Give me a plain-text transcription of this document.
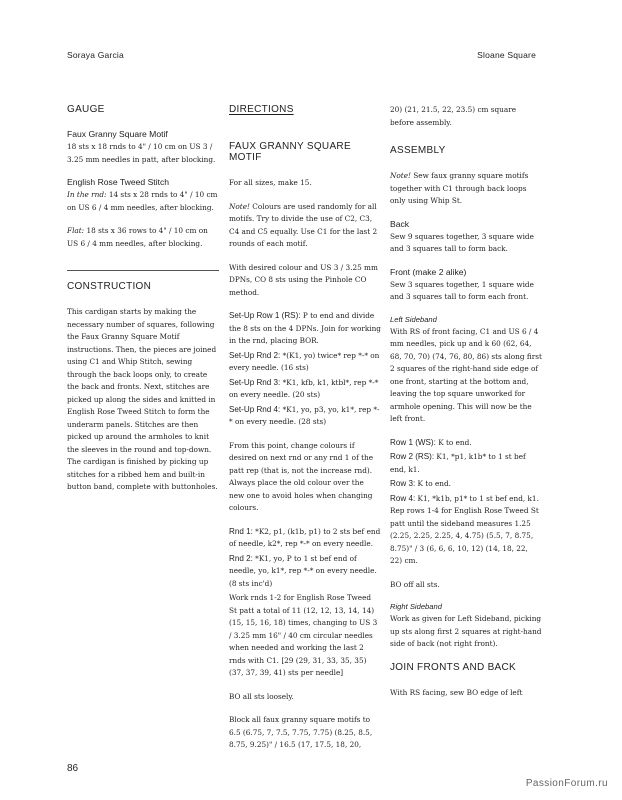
Soraya Garcia	Sloane Square
GAUGE
Faux Granny Square Motif

18 sts x 18 rnds to 4" / 10 cm on US 3 / 3.25 mm needles in patt, after blocking.

English Rose Tweed Stitch

In the rnd: 14 sts x 28 rnds to 4" / 10 cm on US 6 / 4 mm needles, after blocking.

Flat: 18 sts x 36 rows to 4" / 10 cm on US 6 / 4 mm needles, after blocking.

CONSTRUCTION

This cardigan starts by making the necessary number of squares, following the Faux Granny Square Motif instructions. Then, the pieces are joined using C1 and Whip Stitch, sewing through the back loops only, to create the back and fronts. Next, stitches are picked up along the sides and knitted in English Rose Tweed Stitch to form the underarm panels. Stitches are then picked up around the armholes to knit the sleeves in the round and top-down. The cardigan is finished by picking up stitches for a ribbed hem and built-in button band, complete with buttonholes.

DIRECTIONS
FAUX GRANNY SQUARE MOTIF

For all sizes, make 15.

Note! Colours are used randomly for all motifs. Try to divide the use of C2, C3, C4 and C5 equally. Use C1 for the last 2 rounds of each motif.

With desired colour and US 3 / 3.25 mm DPNs, CO 8 sts using the Pinhole CO method.

Set-Up Row 1 (RS): P to end and divide the 8 sts on the 4 DPNs. Join for working in the rnd, placing BOR.

Set-Up Rnd 2: *(K1, yo) twice* rep *-* on every needle. (16 sts)

Set-Up Rnd 3: *K1, kfb, k1, ktbl*, rep *-* on every needle. (20 sts)

Set-Up Rnd 4: *K1, yo, p3, yo, k1*, rep *-* on every needle. (28 sts)

From this point, change colours if desired on next rnd or any rnd 1 of the patt rep (that is, not the increase rnd). Always place the old colour over the new one to avoid holes when changing colours.

Rnd 1: *K2, p1, (k1b, p1) to 2 sts bef end of needle, k2*, rep *-* on every needle.

Rnd 2: *K1, yo, P to 1 st bef end of needle, yo, k1*, rep *-* on every needle. (8 sts inc'd)

Work rnds 1-2 for English Rose Tweed St patt a total of 11 (12, 12, 13, 14, 14) (15, 15, 16, 18) times, changing to US 3 / 3.25 mm 16" / 40 cm circular needles when needed and working the last 2 rnds with C1. [29 (29, 31, 33, 35, 35) (37, 37, 39, 41) sts per needle]

BO all sts loosely.

Block all faux granny square motifs to 6.5 (6.75, 7, 7.5, 7.75, 7.75) (8.25, 8.5, 8.75, 9.25)" / 16.5 (17, 17.5, 18, 20,

20) (21, 21.5, 22, 23.5) cm square before assembly.

ASSEMBLY

Note! Sew faux granny square motifs together with C1 through back loops only using Whip St.

Back

Sew 9 squares together, 3 square wide and 3 squares tall to form back.

Front (make 2 alike)

Sew 3 squares together, 1 square wide and 3 squares tall to form each front.

Left Sideband

With RS of front facing, C1 and US 6 / 4 mm needles, pick up and k 60 (62, 64, 68, 70, 70) (74, 76, 80, 86) sts along first 2 squares of the right-hand side edge of one front, starting at the bottom and, leaving the top square unworked for armhole opening. This will now be the left front.

Row 1 (WS): K to end.

Row 2 (RS): K1, *p1, k1b* to 1 st bef end, k1.

Row 3: K to end.

Row 4: K1, *k1b, p1* to 1 st bef end, k1. Rep rows 1-4 for English Rose Tweed St patt until the sideband measures 1.25 (2.25, 2.25, 2.25, 4, 4.75) (5.5, 7, 8.75, 8.75)" / 3 (6, 6, 6, 10, 12) (14, 18, 22, 22) cm.

BO off all sts.

Right Sideband

Work as given for Left Sideband, picking up sts along first 2 squares at right-hand side of back (not right front).

JOIN FRONTS AND BACK

With RS facing, sew BO edge of left

86
PassionForum.ru
